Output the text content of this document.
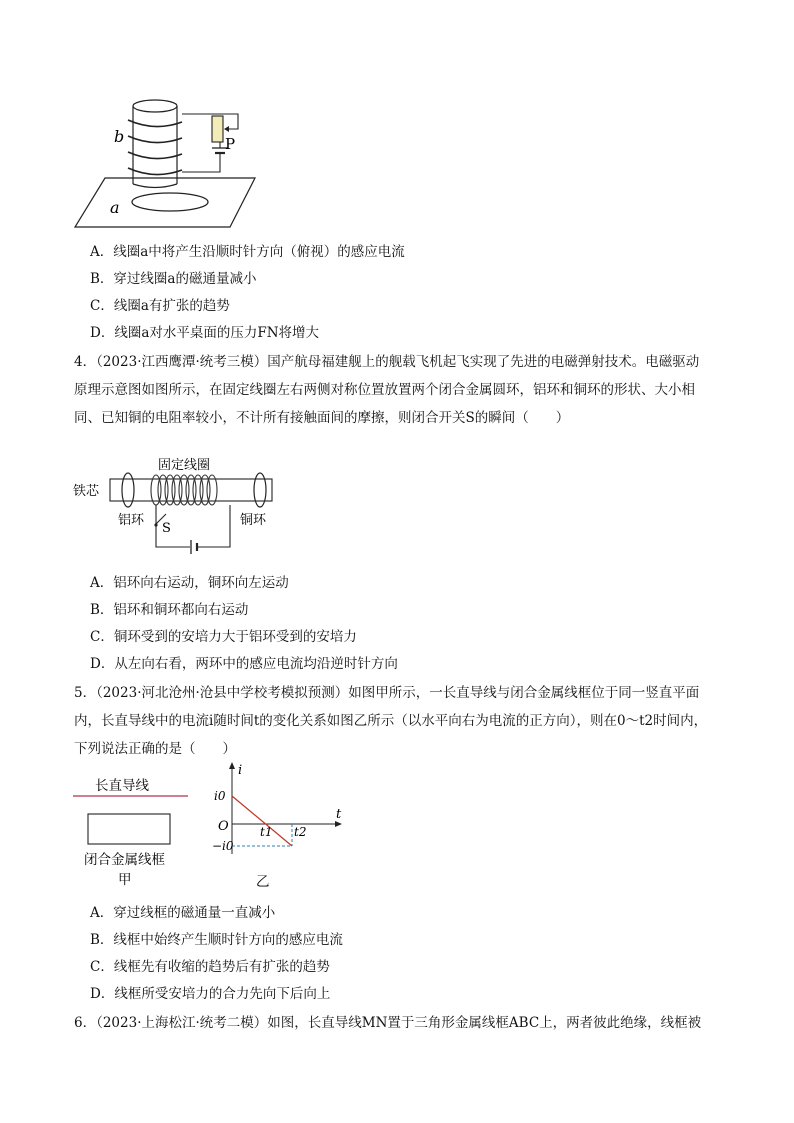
b
a
P
A．线圈a中将产生沿顺时针方向（俯视）的感应电流
B．穿过线圈a的磁通量减小
C．线圈a有扩张的趋势
D．线圈a对水平桌面的压力FN将增大
4．（2023·江西鹰潭·统考三模）国产航母福建舰上的舰载飞机起飞实现了先进的电磁弹射技术。电磁驱动
原理示意图如图所示，在固定线圈左右两侧对称位置放置两个闭合金属圆环，铝环和铜环的形状、大小相
同、已知铜的电阻率较小，不计所有接触面间的摩擦，则闭合开关S的瞬间（　　）
固定线圈
铁芯
铝环	铜环
S
A．铝环向右运动，铜环向左运动
B．铝环和铜环都向右运动
C．铜环受到的安培力大于铝环受到的安培力
D．从左向右看，两环中的感应电流均沿逆时针方向
5．（2023·河北沧州·沧县中学校考模拟预测）如图甲所示，一长直导线与闭合金属线框位于同一竖直平面
内，长直导线中的电流i随时间t的变化关系如图乙所示（以水平向右为电流的正方向），则在0～t2时间内，
下列说法正确的是（　　）
长直导线
闭合金属线框
甲
i
t
i0
−i0
O	t1 t2
乙
A．穿过线框的磁通量一直减小
B．线框中始终产生顺时针方向的感应电流
C．线框先有收缩的趋势后有扩张的趋势
D．线框所受安培力的合力先向下后向上
6．（2023·上海松江·统考二模）如图，长直导线MN置于三角形金属线框ABC上，两者彼此绝缘，线框被
